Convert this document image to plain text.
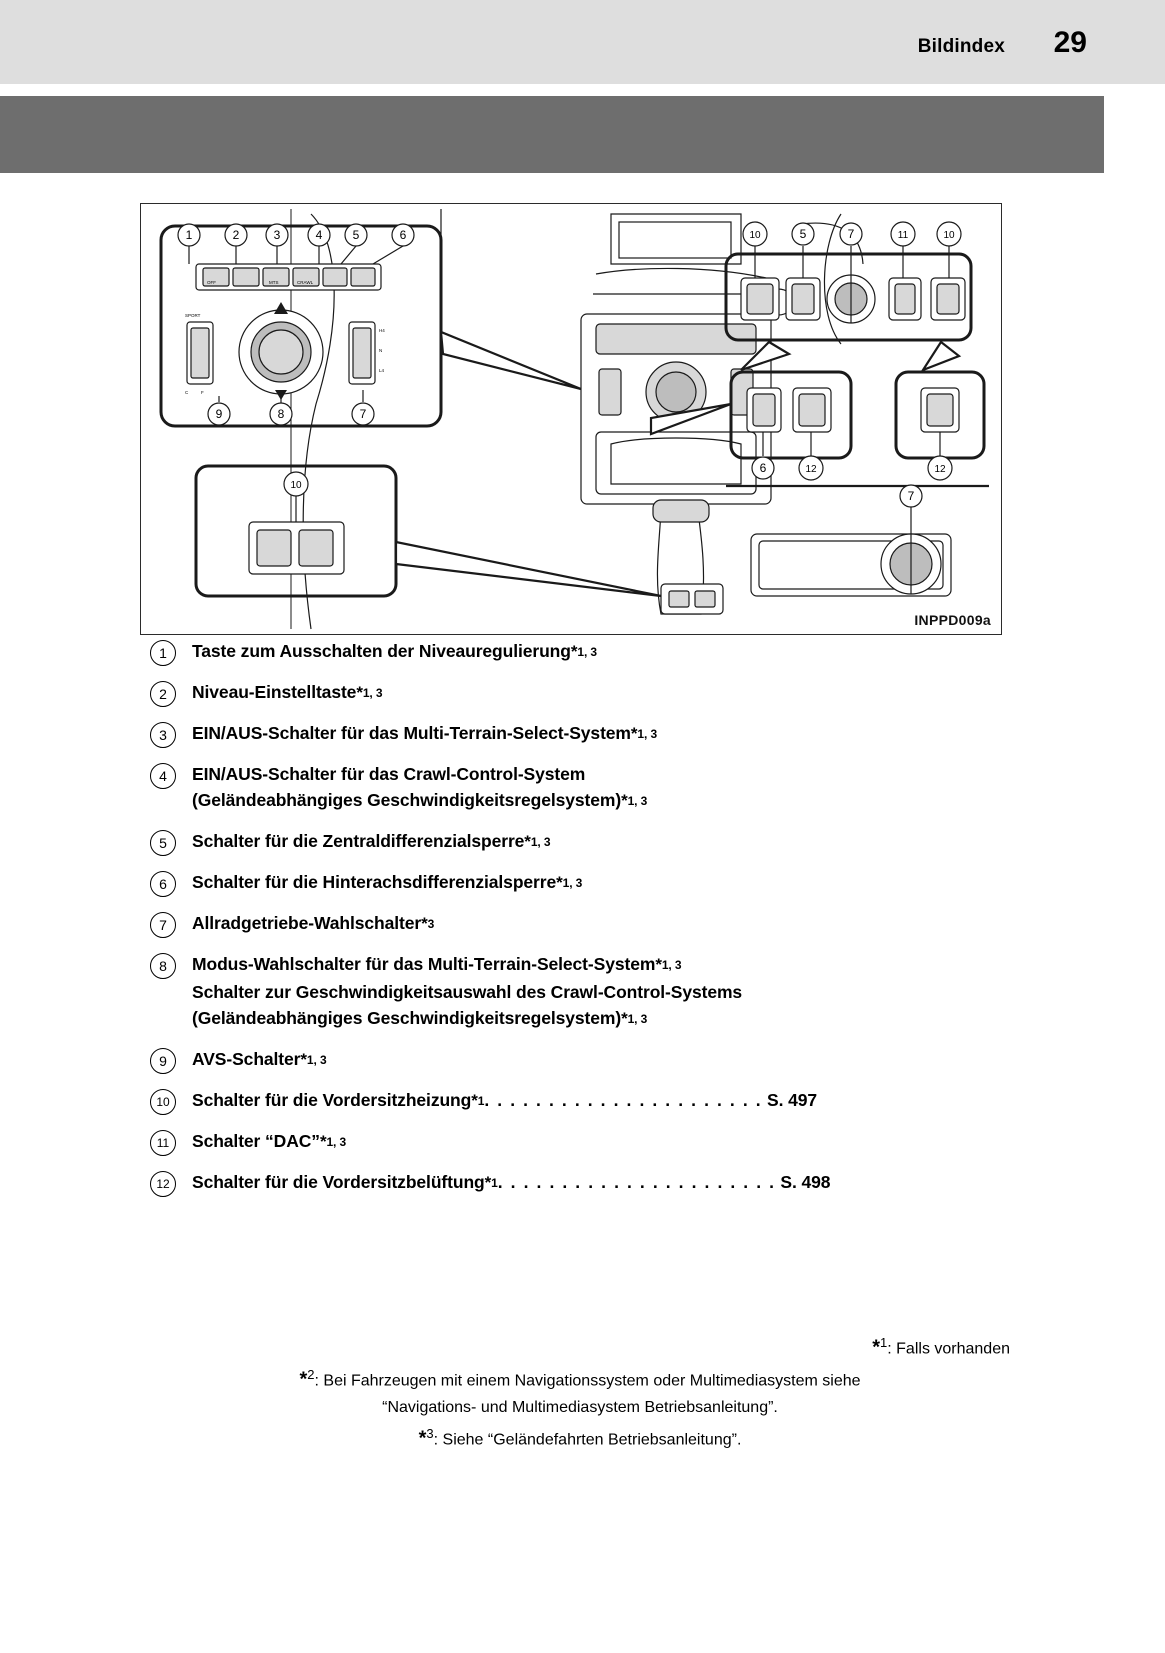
Bildindex 29
OFF	MTS	CRAWL
SPORT
C	F
H4
N
L4
1	2	3	4	5	6
9	8	7
10
10	5	7	11	10
6	12	12
7
INPPD009a
1	Taste zum Ausschalten der Niveauregulierung*$^{1, 3}$
2	Niveau-Einstelltaste*$^{1, 3}$
3	EIN/AUS-Schalter für das Multi-Terrain-Select-System*$^{1, 3}$
4	EIN/AUS-Schalter für das Crawl-Control-System
(Geländeabhängiges Geschwindigkeitsregelsystem)*$^{1, 3}$
5	Schalter für die Zentraldifferenzialsperre*$^{1, 3}$
6	Schalter für die Hinterachsdifferenzialsperre*$^{1, 3}$
7	Allradgetriebe-Wahlschalter*$^3$
8	Modus-Wahlschalter für das Multi-Terrain-Select-System*$^{1, 3}$
Schalter zur Geschwindigkeitsauswahl des Crawl-Control-Systems
(Geländeabhängiges Geschwindigkeitsregelsystem)*$^{1, 3}$
9	AVS-Schalter*$^{1, 3}$
10	Schalter für die Vordersitzheizung*$^1$. . . . . . . . . . . . . . . . . . . . . . S. 497
11	Schalter “DAC”*$^{1, 3}$
12	Schalter für die Vordersitzbelüftung*$^1$. . . . . . . . . . . . . . . . . . . . . . S. 498
*$^1$: Falls vorhanden
*$^2$: Bei Fahrzeugen mit einem Navigationssystem oder Multimediasystem siehe
“Navigations- und Multimediasystem Betriebsanleitung”.
*$^3$: Siehe “Geländefahrten Betriebsanleitung”.
